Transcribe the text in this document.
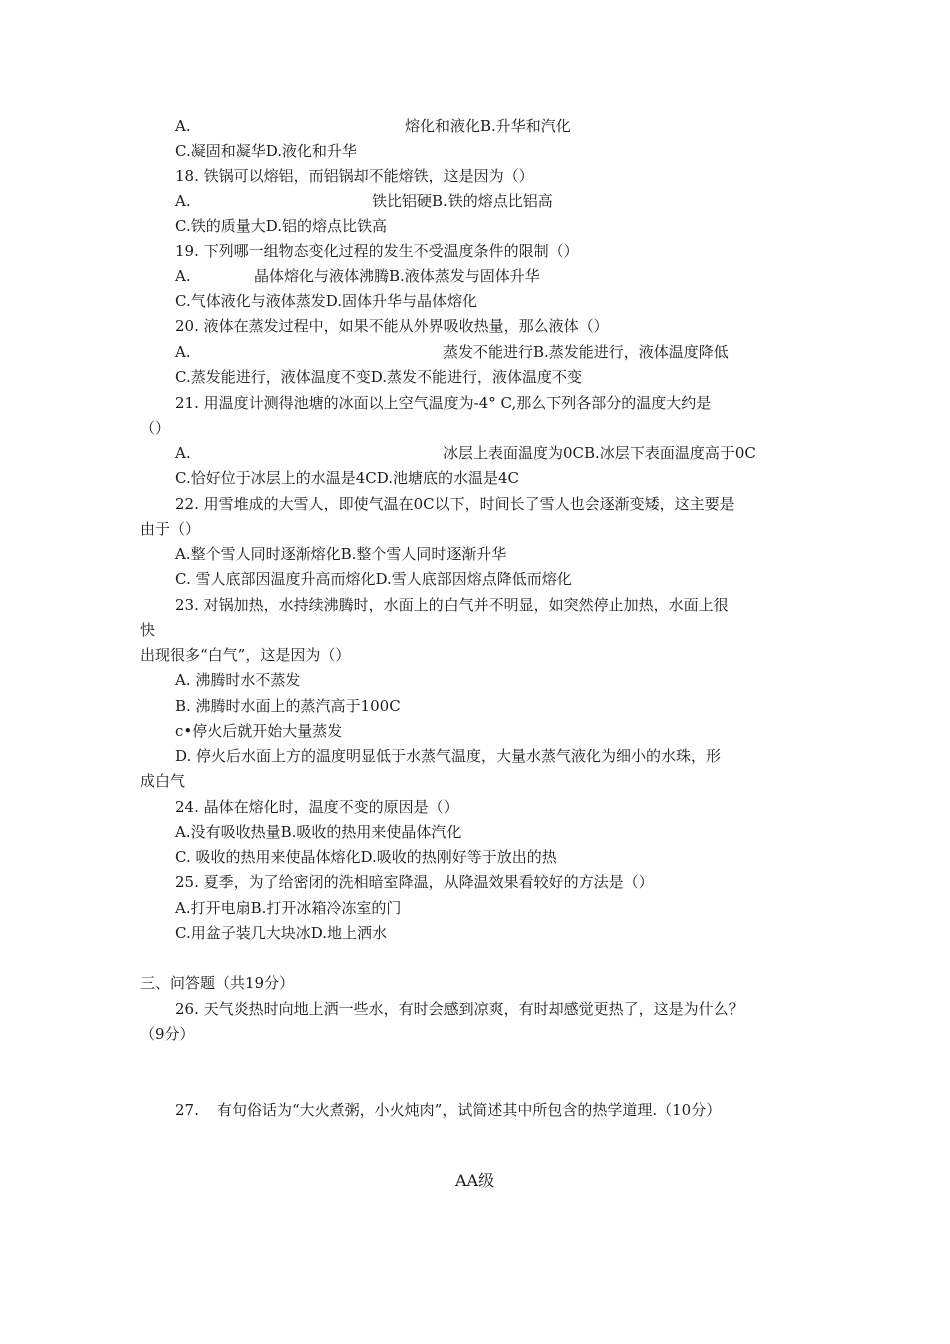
A.	熔化和液化B.升华和汽化
C.凝固和凝华D.液化和升华
18. 铁锅可以熔铝，而铝锅却不能熔铁，这是因为（）
A.	铁比铝硬B.铁的熔点比铝高
C.铁的质量大D.铝的熔点比铁高
19. 下列哪一组物态变化过程的发生不受温度条件的限制（）
A.	晶体熔化与液体沸腾B.液体蒸发与固体升华
C.气体液化与液体蒸发D.固体升华与晶体熔化
20. 液体在蒸发过程中，如果不能从外界吸收热量，那么液体（）
A.	蒸发不能进行B.蒸发能进行，液体温度降低
C.蒸发能进行，液体温度不变D.蒸发不能进行，液体温度不变
21. 用温度计测得池塘的冰面以上空气温度为-4° C,那么下列各部分的温度大约是
（）
A.	冰层上表面温度为0CB.冰层下表面温度高于0C
C.恰好位于冰层上的水温是4CD.池塘底的水温是4C
22. 用雪堆成的大雪人，即使气温在0C以下，时间长了雪人也会逐渐变矮，这主要是
由于（）
A.整个雪人同时逐渐熔化B.整个雪人同时逐渐升华
C. 雪人底部因温度升高而熔化D.雪人底部因熔点降低而熔化
23. 对锅加热，水持续沸腾时，水面上的白气并不明显，如突然停止加热，水面上很
快
出现很多“白气”，这是因为（）
A. 沸腾时水不蒸发
B. 沸腾时水面上的蒸汽高于100C
c•停火后就开始大量蒸发
D. 停火后水面上方的温度明显低于水蒸气温度，大量水蒸气液化为细小的水珠，形
成白气
24. 晶体在熔化时，温度不变的原因是（）
A.没有吸收热量B.吸收的热用来使晶体汽化
C. 吸收的热用来使晶体熔化D.吸收的热刚好等于放出的热
25. 夏季，为了给密闭的洗相暗室降温，从降温效果看较好的方法是（）
A.打开电扇B.打开冰箱冷冻室的门
C.用盆子装几大块冰D.地上洒水
三、问答题（共19分）
26. 天气炎热时向地上洒一些水，有时会感到凉爽，有时却感觉更热了，这是为什么？
（9分）
27. 有句俗话为“大火煮粥，小火炖肉”，试简述其中所包含的热学道理.（10分）
AA级
